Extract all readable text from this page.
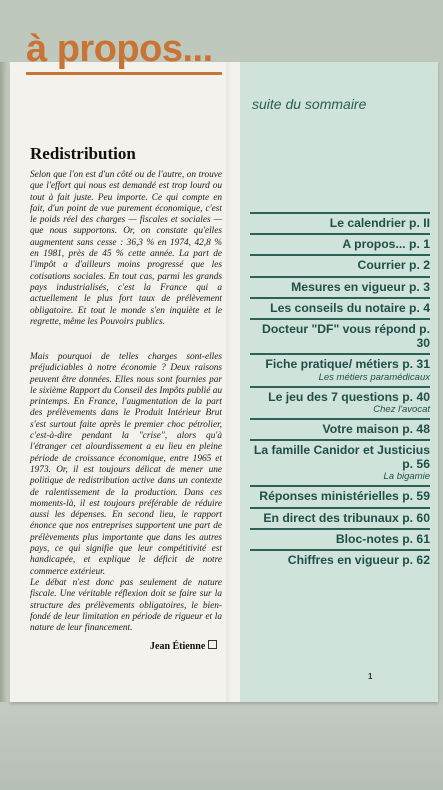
à propos...
suite du sommaire
Redistribution

Selon que l'on est d'un côté ou de l'autre, on trouve que l'effort qui nous est demandé est trop lourd ou tout à fait juste. Peu importe. Ce qui compte en fait, d'un point de vue purement économique, c'est le poids réel des charges — fiscales et sociales — que nous supportons. Or, on constate qu'elles augmentent sans cesse : 36,3 % en 1974, 42,8 % en 1981, près de 45 % cette année. La part de l'impôt a d'ailleurs moins progressé que les cotisations sociales. En tout cas, parmi les grands pays industrialisés, c'est la France qui a actuellement le plus fort taux de prélèvement obligatoire. Et tout le monde s'en inquiète et le regrette, même les Pouvoirs publics.

Mais pourquoi de telles charges sont-elles préjudiciables à notre économie ? Deux raisons peuvent être données. Elles nous sont fournies par le sixième Rapport du Conseil des Impôts publié au printemps. En France, l'augmentation de la part des prélèvements dans le Produit Intérieur Brut s'est surtout faite après le premier choc pétrolier, c'est-à-dire pendant la "crise", alors qu'à l'étranger cet alourdissement a eu lieu en pleine période de croissance économique, entre 1965 et 1973. Or, il est toujours délicat de mener une politique de redistribution active dans un contexte de ralentissement de la production. Dans ces moments-là, il est toujours préférable de réduire aussi les dépenses. En second lieu, le rapport énonce que nos entreprises supportent une part de prélèvements plus importante que dans les autres pays, ce qui signifie que leur compétitivité est handicapée, et explique le déficit de notre commerce extérieur.

Le débat n'est donc pas seulement de nature fiscale. Une véritable réflexion doit se faire sur la structure des prélèvements obligatoires, le bien-fondé de leur limitation en période de rigueur et la nature de leur financement.

Jean Étienne
Le calendrier p. II
A propos... p. 1
Courrier p. 2
Mesures en vigueur p. 3
Les conseils du notaire p. 4
Docteur "DF" vous répond p. 30
Fiche pratique/ métiers p. 31
Les métiers paramédicaux
Le jeu des 7 questions p. 40
Chez l'avocat
Votre maison p. 48
La famille Canidor et Justicius p. 56
La bigamie
Réponses ministérielles p. 59
En direct des tribunaux p. 60
Bloc-notes p. 61
Chiffres en vigueur p. 62
1
